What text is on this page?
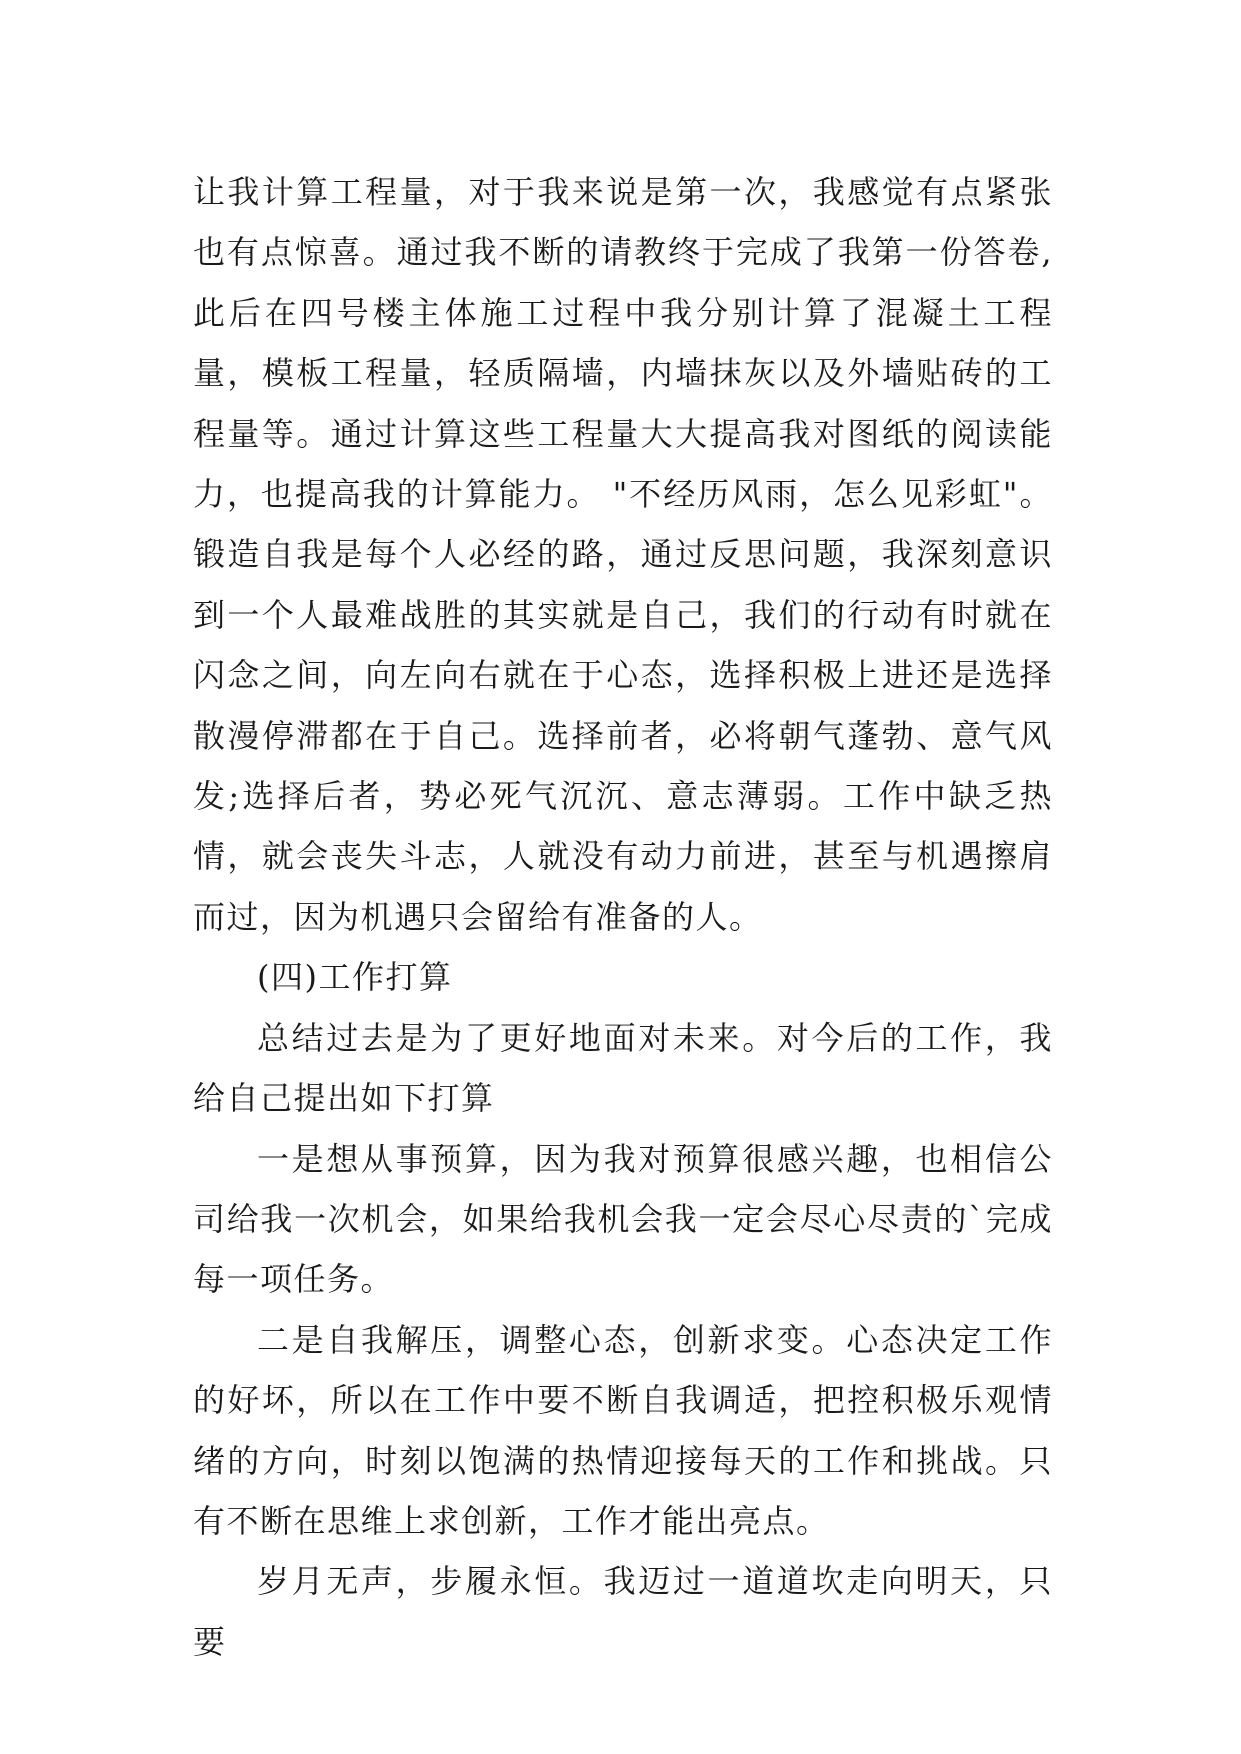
让我计算工程量，对于我来说是第一次，我感觉有点紧张也有点惊喜。通过我不断的请教终于完成了我第一份答卷,此后在四号楼主体施工过程中我分别计算了混凝土工程量，模板工程量，轻质隔墙，内墙抹灰以及外墙贴砖的工程量等。通过计算这些工程量大大提高我对图纸的阅读能力，也提高我的计算能力。 "不经历风雨，怎么见彩虹"。锻造自我是每个人必经的路，通过反思问题，我深刻意识到一个人最难战胜的其实就是自己，我们的行动有时就在闪念之间，向左向右就在于心态，选择积极上进还是选择散漫停滞都在于自己。选择前者，必将朝气蓬勃、意气风发;选择后者，势必死气沉沉、意志薄弱。工作中缺乏热情，就会丧失斗志，人就没有动力前进，甚至与机遇擦肩而过，因为机遇只会留给有准备的人。

(四)工作打算

总结过去是为了更好地面对未来。对今后的工作，我给自己提出如下打算

一是想从事预算，因为我对预算很感兴趣，也相信公司给我一次机会，如果给我机会我一定会尽心尽责的`完成每一项任务。

二是自我解压，调整心态，创新求变。心态决定工作的好坏，所以在工作中要不断自我调适，把控积极乐观情绪的方向，时刻以饱满的热情迎接每天的工作和挑战。只有不断在思维上求创新，工作才能出亮点。

岁月无声，步履永恒。我迈过一道道坎走向明天，只要
